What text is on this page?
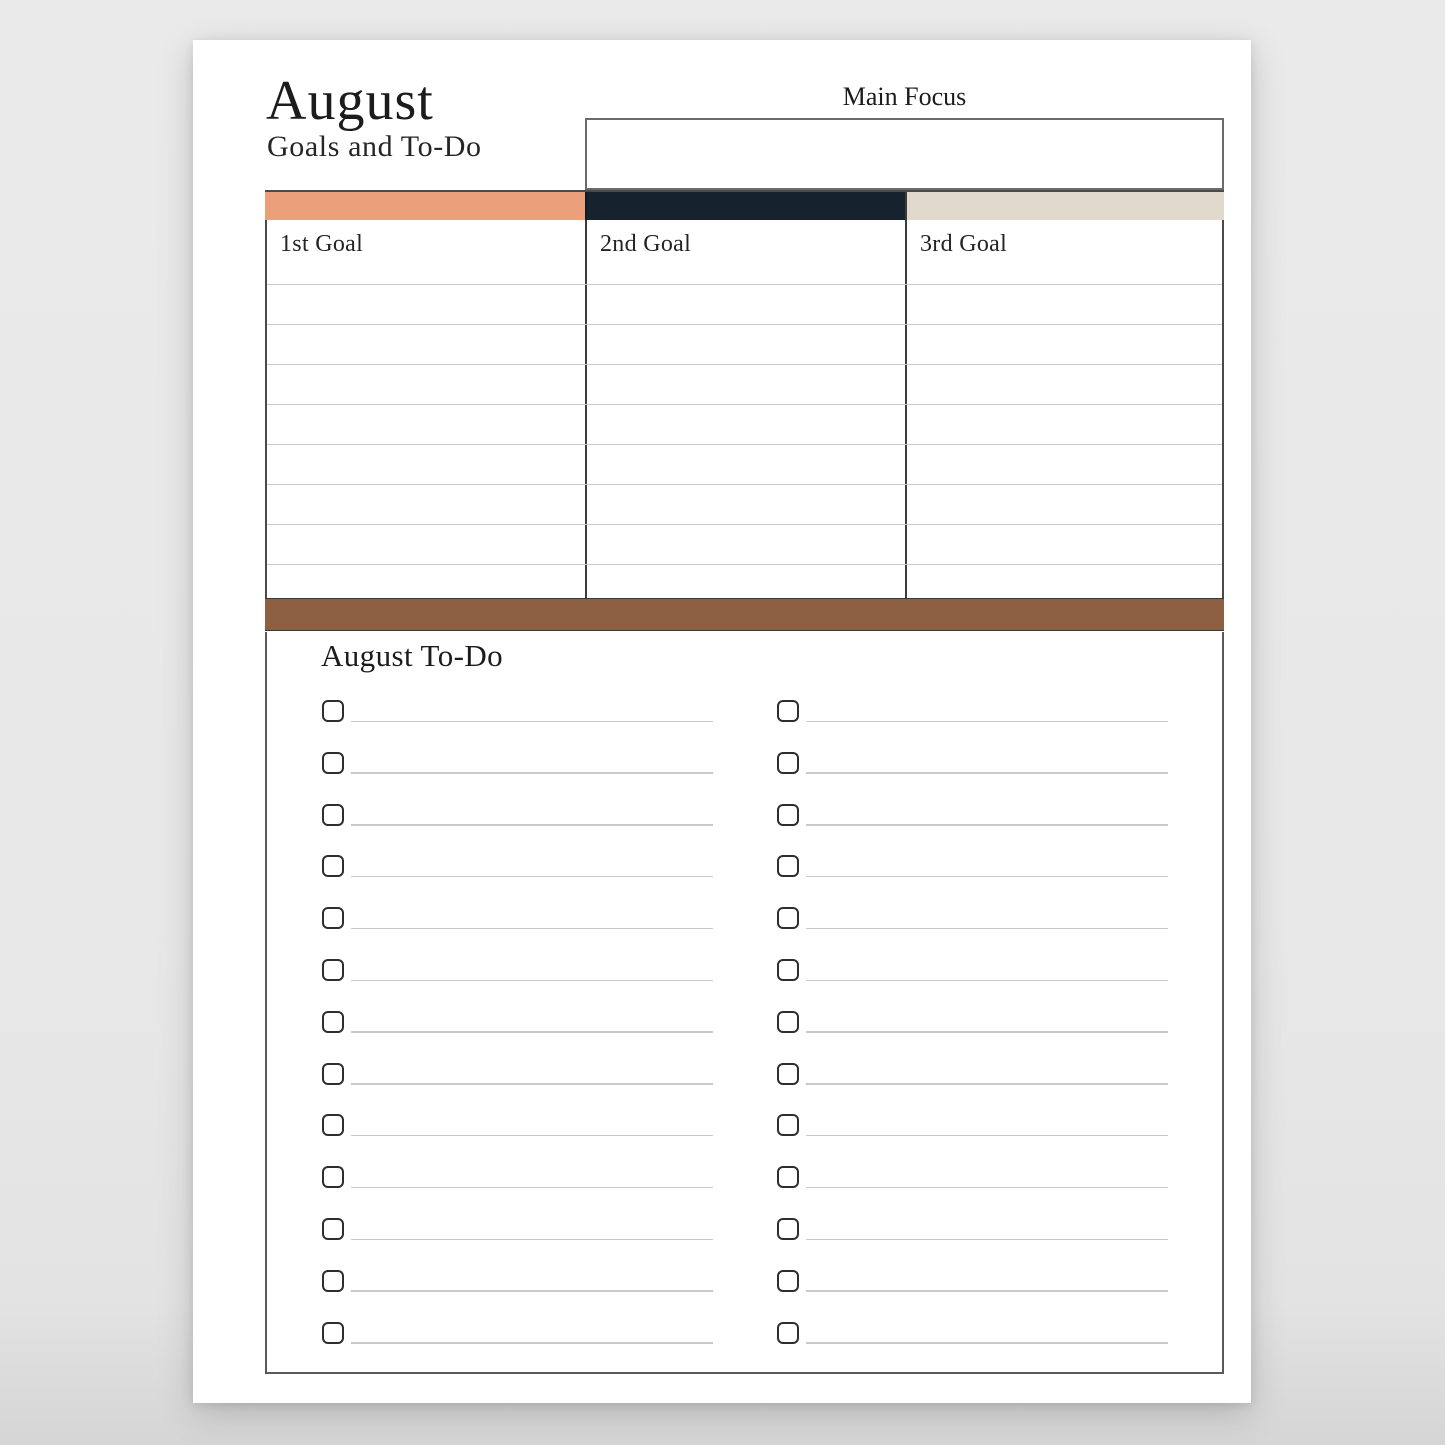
August
Goals and To-Do
Main Focus
1st Goal	2nd Goal	3rd Goal
August To-Do
